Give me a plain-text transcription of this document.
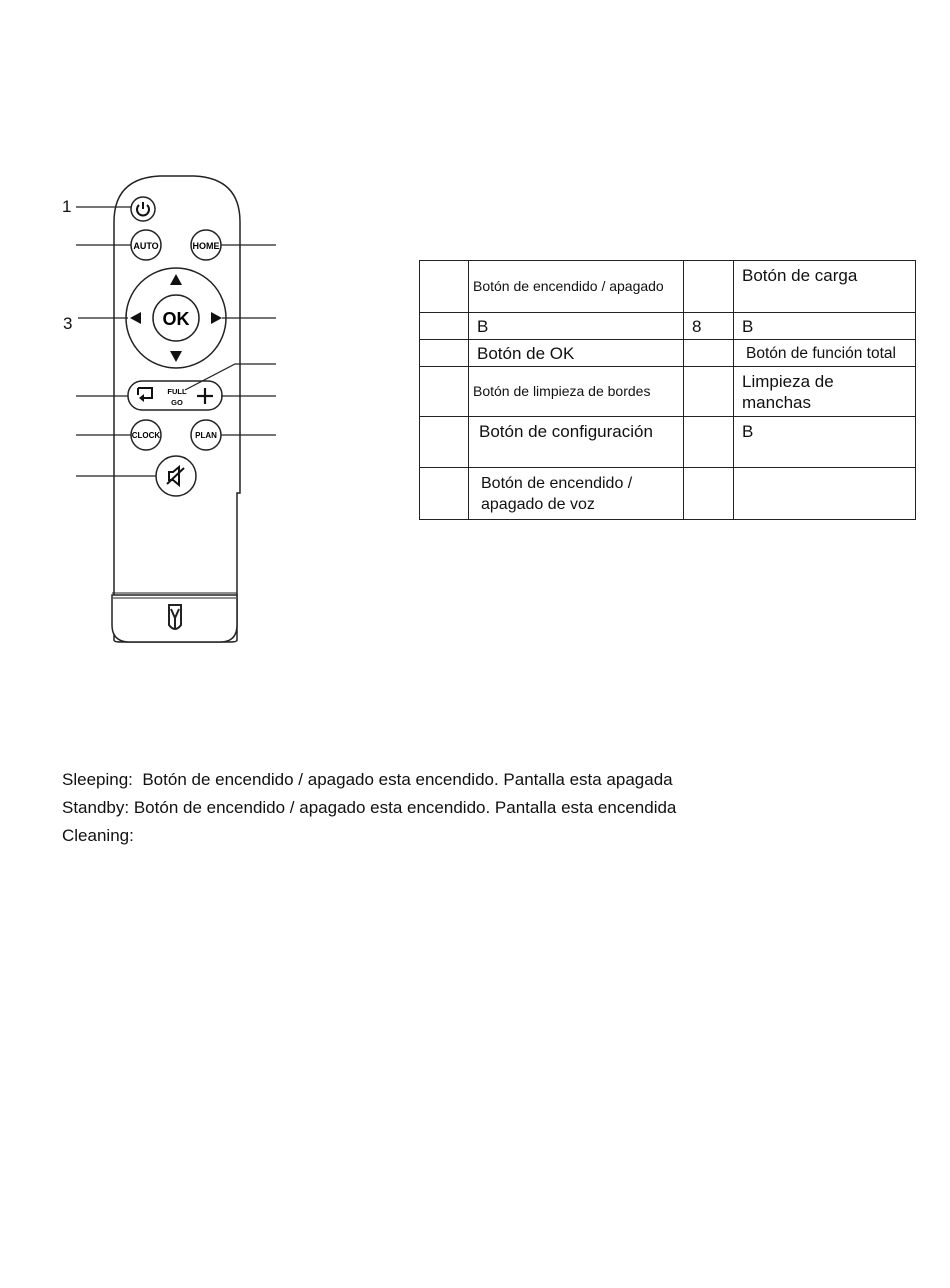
AUTO	HOME
OK
FULL
GO
CLOCK	PLAN
1
3
	Botón de encendido / apagado		Botón de carga
	B	8	B
	Botón de OK		Botón de función total
	Botón de limpieza de bordes		Limpieza de manchas
	Botón de configuración		B
	Botón de encendido / apagado de voz		
Sleeping: Botón de encendido / apagado esta encendido. Pantalla esta apagada
Standby: Botón de encendido / apagado esta encendido. Pantalla esta encendida
Cleaning:
